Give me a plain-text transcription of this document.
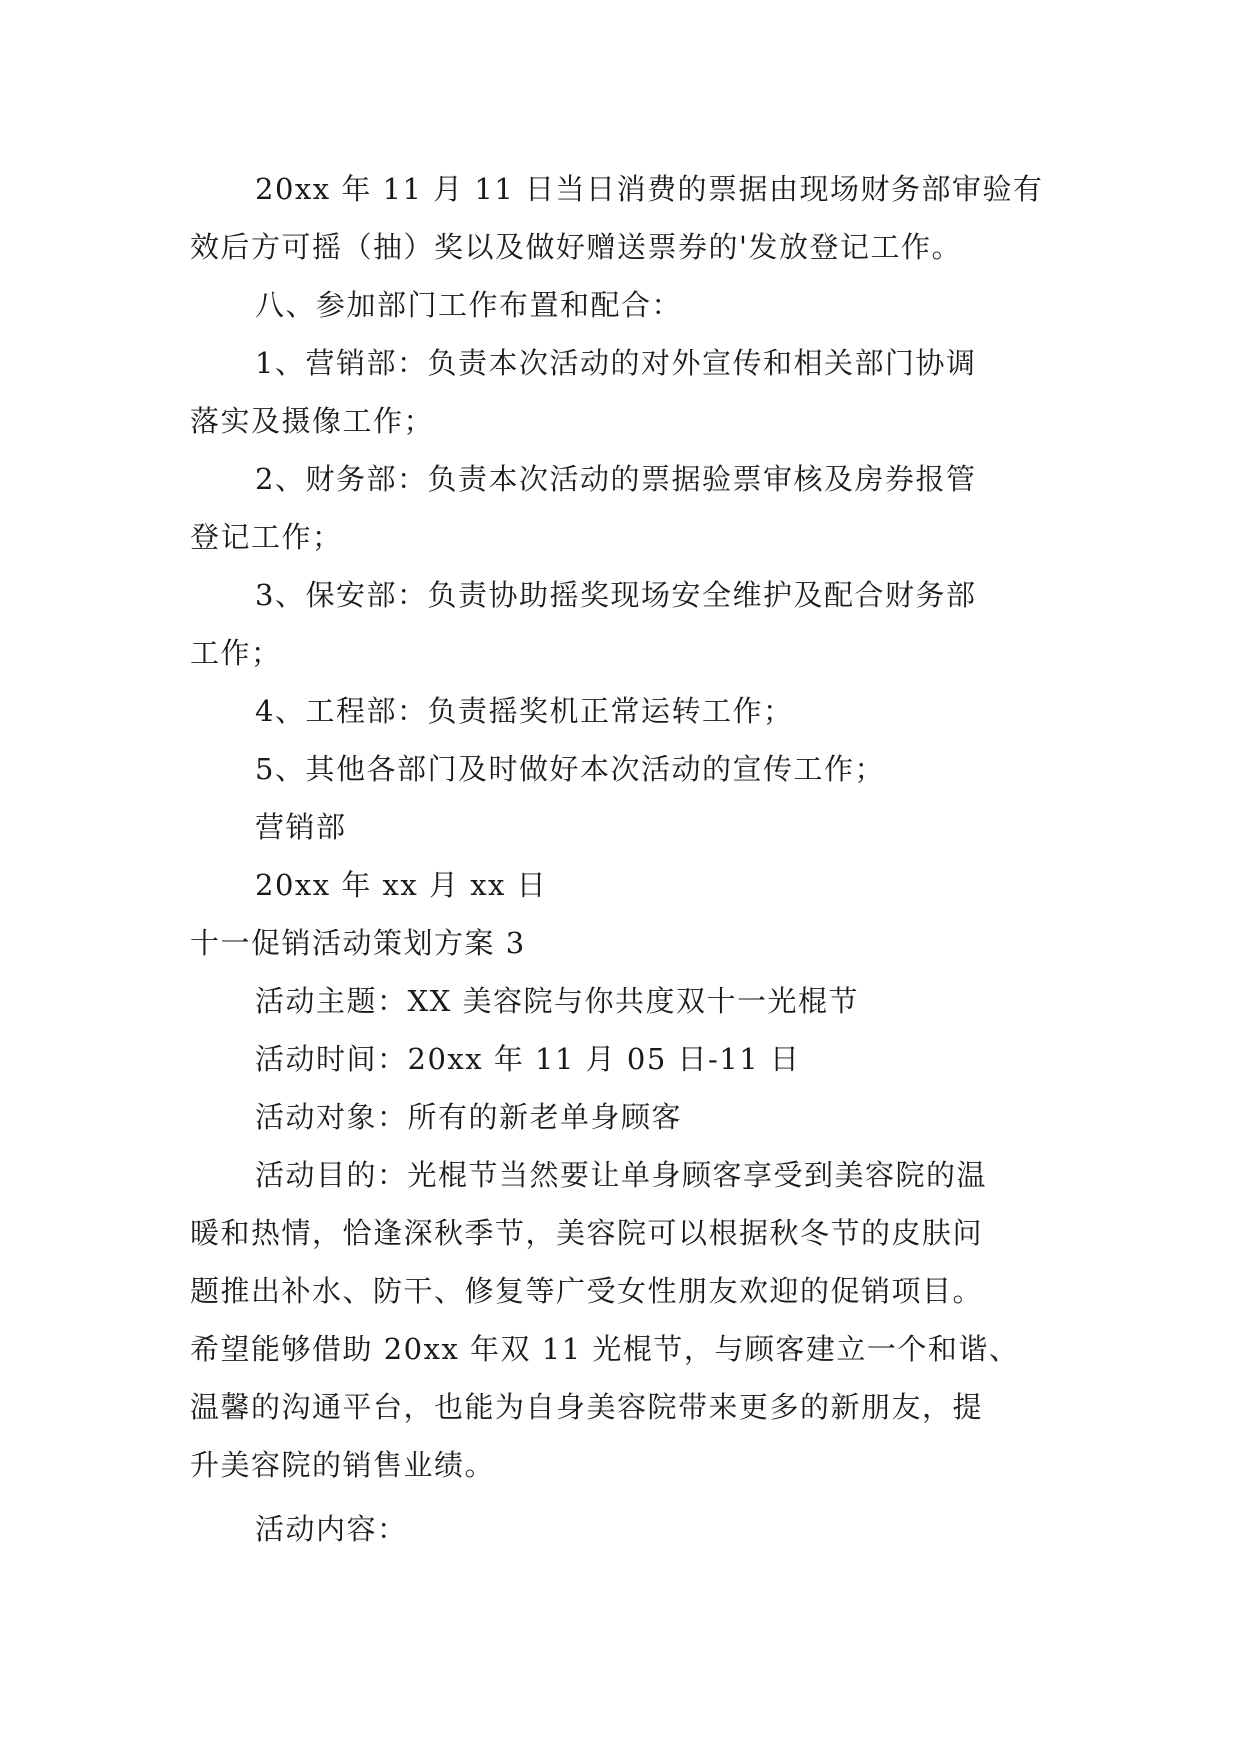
20xx 年 11 月 11 日当日消费的票据由现场财务部审验有
效后方可摇（抽）奖以及做好赠送票券的'发放登记工作。
八、参加部门工作布置和配合：
1、营销部：负责本次活动的对外宣传和相关部门协调
落实及摄像工作；
2、财务部：负责本次活动的票据验票审核及房券报管
登记工作；
3、保安部：负责协助摇奖现场安全维护及配合财务部
工作；
4、工程部：负责摇奖机正常运转工作；
5、其他各部门及时做好本次活动的宣传工作；
营销部
20xx 年 xx 月 xx 日
十一促销活动策划方案 3
活动主题：XX 美容院与你共度双十一光棍节
活动时间：20xx 年 11 月 05 日-11 日
活动对象：所有的新老单身顾客
活动目的：光棍节当然要让单身顾客享受到美容院的温
暖和热情，恰逢深秋季节，美容院可以根据秋冬节的皮肤问
题推出补水、防干、修复等广受女性朋友欢迎的促销项目。
希望能够借助 20xx 年双 11 光棍节，与顾客建立一个和谐、
温馨的沟通平台，也能为自身美容院带来更多的新朋友，提
升美容院的销售业绩。
活动内容：
